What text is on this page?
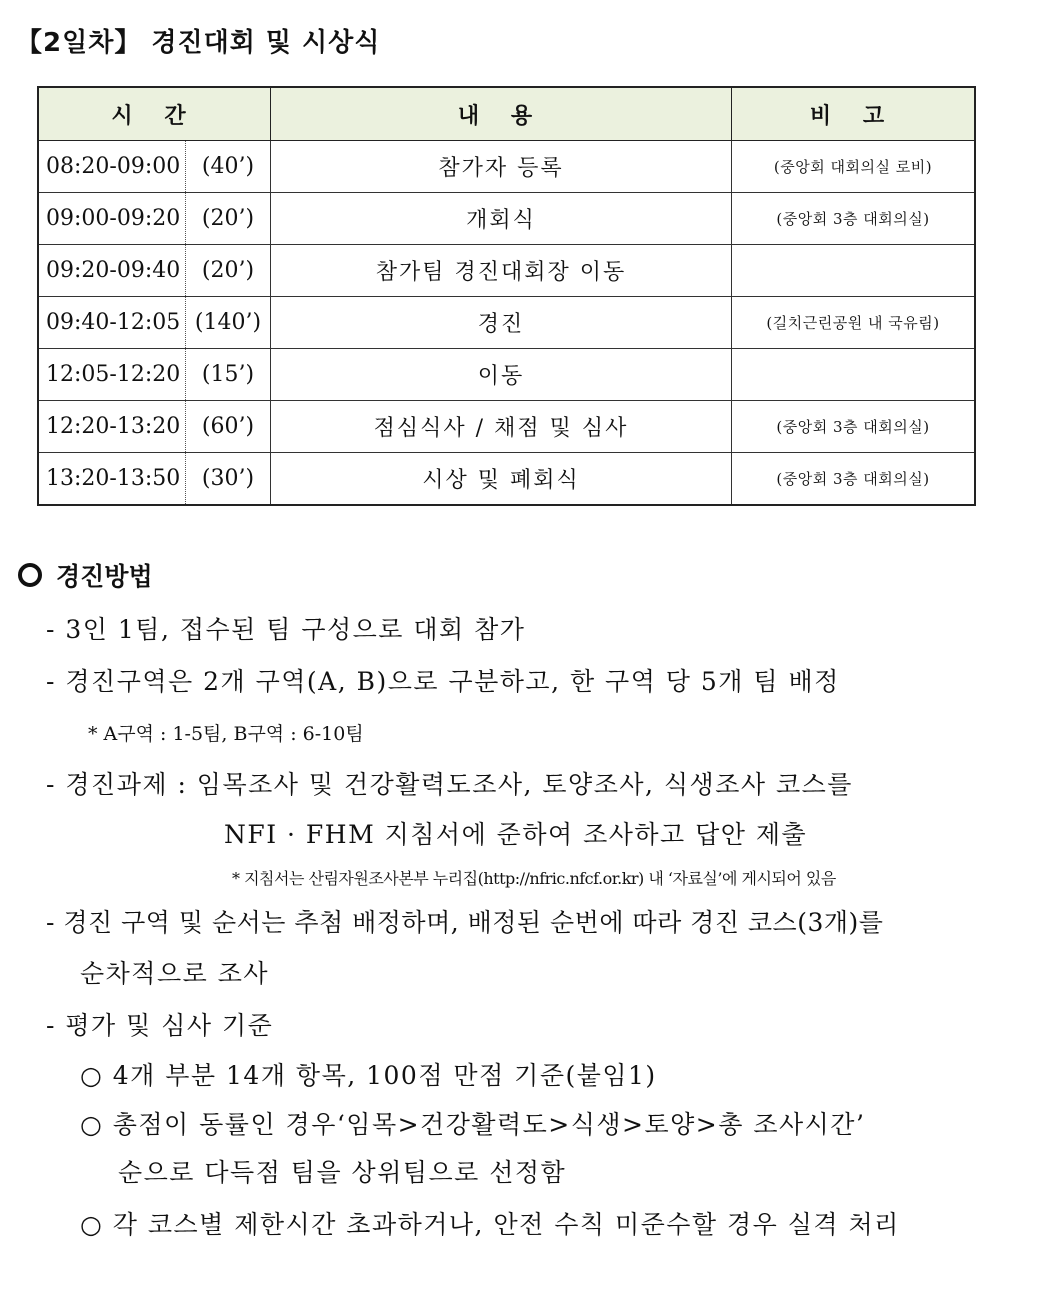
【2일차】 경진대회 및 시상식
시 간		내 용	비 고
08:20-09:00	(40’)	참가자 등록	(중앙회 대회의실 로비)
09:00-09:20	(20’)	개회식	(중앙회 3층 대회의실)
09:20-09:40	(20’)	참가팀 경진대회장 이동	
09:40-12:05	(140’)	경진	(길치근린공원 내 국유림)
12:05-12:20	(15’)	이동	
12:20-13:20	(60’)	점심식사 / 채점 및 심사	(중앙회 3층 대회의실)
13:20-13:50	(30’)	시상 및 폐회식	(중앙회 3층 대회의실)
경진방법
- 3인 1팀, 접수된 팀 구성으로 대회 참가
- 경진구역은 2개 구역(A, B)으로 구분하고, 한 구역 당 5개 팀 배정
* A구역 : 1-5팀, B구역 : 6-10팀
- 경진과제 : 임목조사 및 건강활력도조사, 토양조사, 식생조사 코스를
NFI · FHM 지침서에 준하여 조사하고 답안 제출
* 지침서는 산림자원조사본부 누리집(http://nfric.nfcf.or.kr) 내 ‘자료실’에 게시되어 있음
- 경진 구역 및 순서는 추첨 배정하며, 배정된 순번에 따라 경진 코스(3개)를
순차적으로 조사
- 평가 및 심사 기준
○ 4개 부분 14개 항목, 100점 만점 기준(붙임1)
○ 총점이 동률인 경우‘임목>건강활력도>식생>토양>총 조사시간’
순으로 다득점 팀을 상위팀으로 선정함
○ 각 코스별 제한시간 초과하거나, 안전 수칙 미준수할 경우 실격 처리
